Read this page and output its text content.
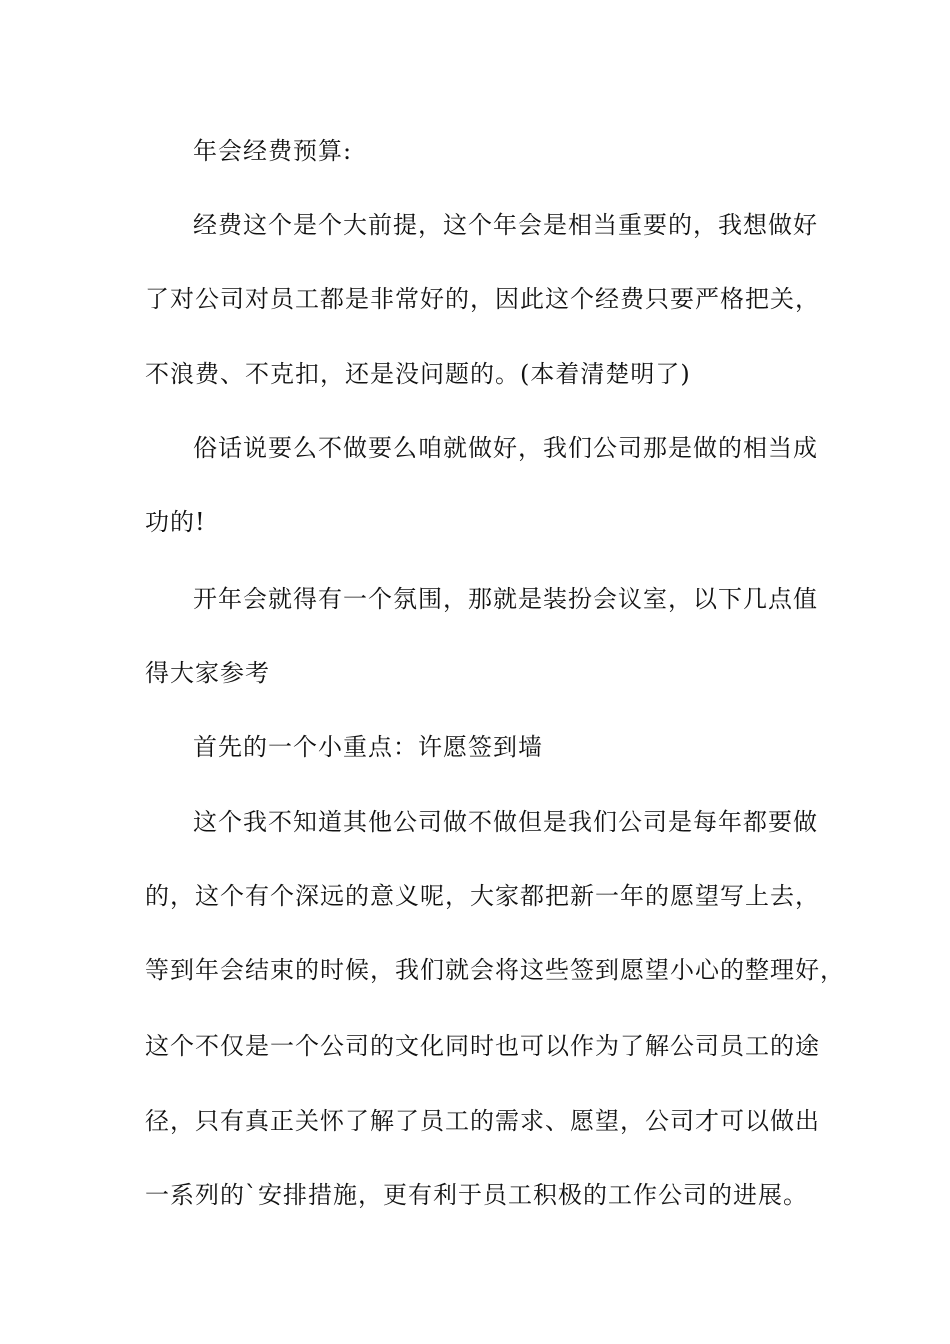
年会经费预算:
经费这个是个大前提，这个年会是相当重要的，我想做好
了对公司对员工都是非常好的，因此这个经费只要严格把关，
不浪费、不克扣，还是没问题的。(本着清楚明了)
俗话说要么不做要么咱就做好，我们公司那是做的相当成
功的!
开年会就得有一个氛围，那就是装扮会议室，以下几点值
得大家参考
首先的一个小重点：许愿签到墙
这个我不知道其他公司做不做但是我们公司是每年都要做
的，这个有个深远的意义呢，大家都把新一年的愿望写上去，
等到年会结束的时候，我们就会将这些签到愿望小心的整理好，
这个不仅是一个公司的文化同时也可以作为了解公司员工的途
径，只有真正关怀了解了员工的需求、愿望，公司才可以做出
一系列的`安排措施，更有利于员工积极的工作公司的进展。
